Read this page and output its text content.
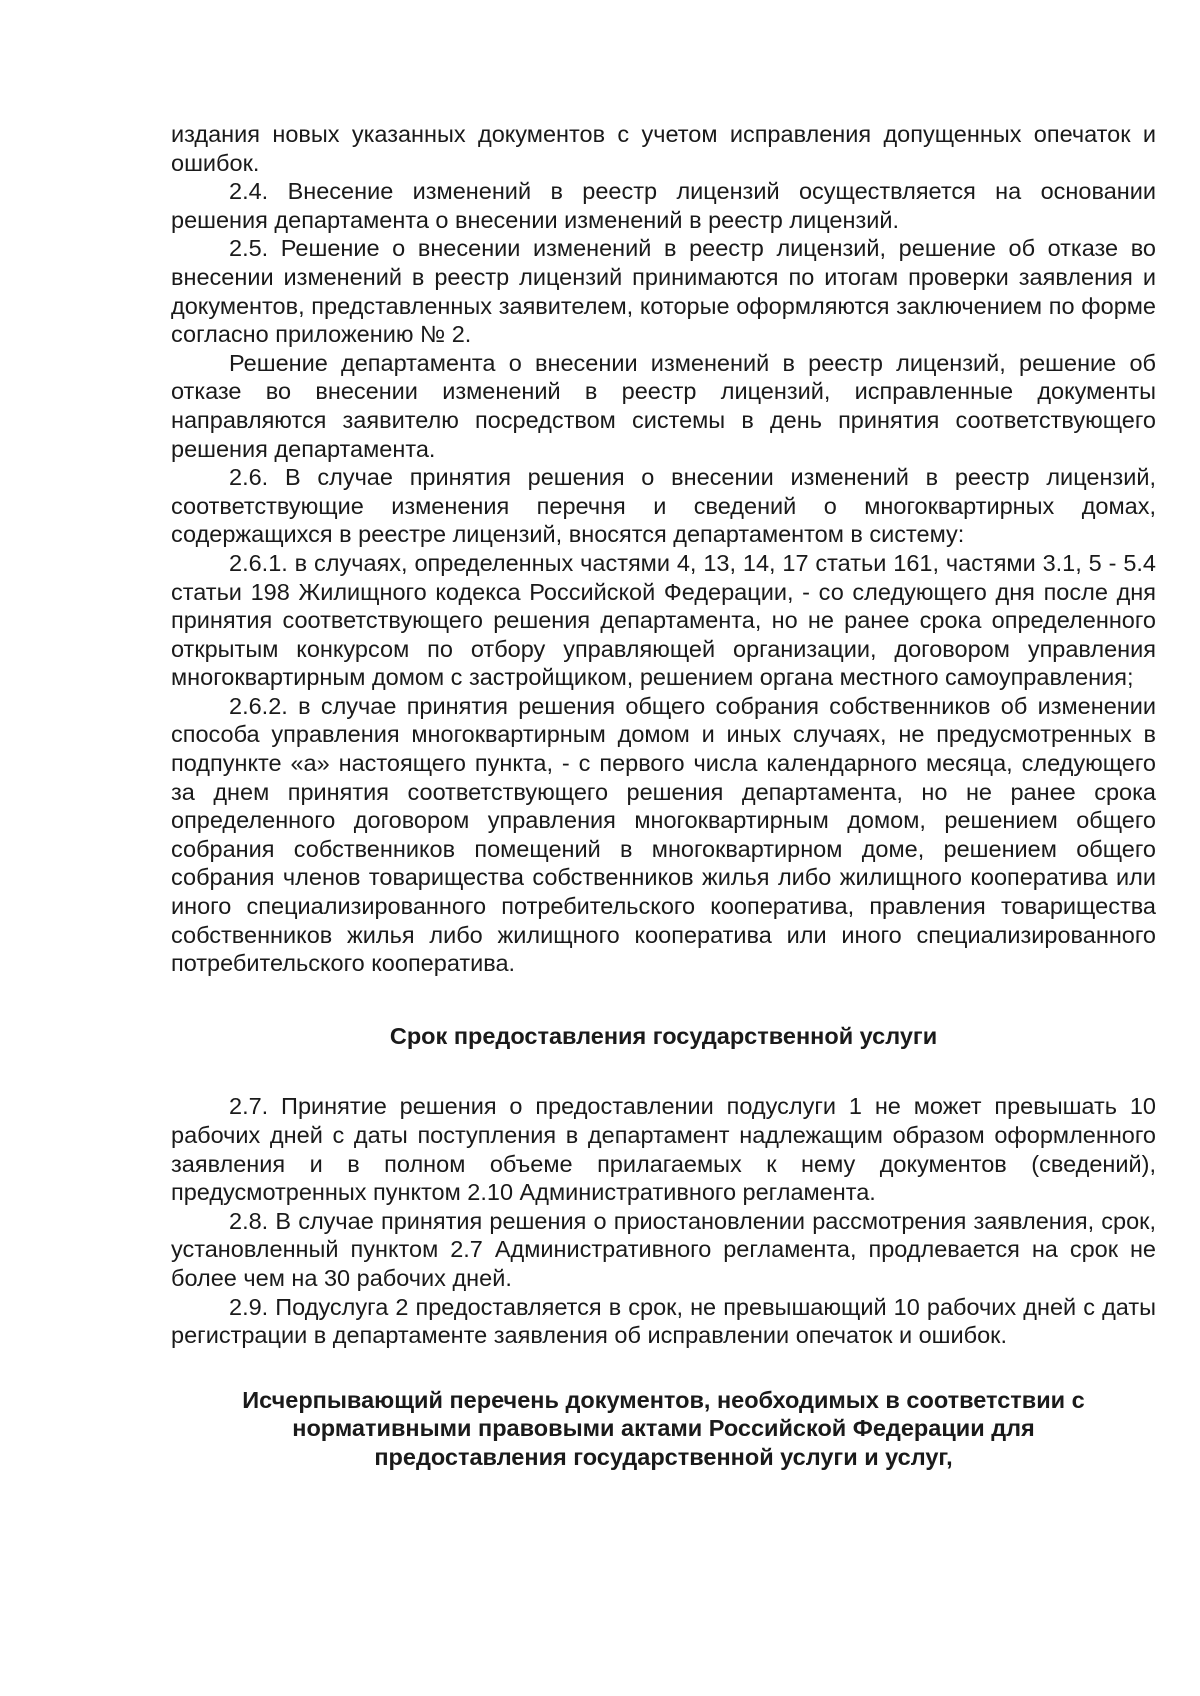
издания новых указанных документов с учетом исправления допущенных опечаток и ошибок.

2.4. Внесение изменений в реестр лицензий осуществляется на основании решения департамента о внесении изменений в реестр лицензий.

2.5. Решение о внесении изменений в реестр лицензий, решение об отказе во внесении изменений в реестр лицензий принимаются по итогам проверки заявления и документов, представленных заявителем, которые оформляются заключением по форме согласно приложению № 2.

Решение департамента о внесении изменений в реестр лицензий, решение об отказе во внесении изменений в реестр лицензий, исправленные документы направляются заявителю посредством системы в день принятия соответствующего решения департамента.

2.6. В случае принятия решения о внесении изменений в реестр лицензий, соответствующие изменения перечня и сведений о многоквартирных домах, содержащихся в реестре лицензий, вносятся департаментом в систему:

2.6.1. в случаях, определенных частями 4, 13, 14, 17 статьи 161, частями 3.1, 5 - 5.4 статьи 198 Жилищного кодекса Российской Федерации, - со следующего дня после дня принятия соответствующего решения департамента, но не ранее срока определенного открытым конкурсом по отбору управляющей организации, договором управления многоквартирным домом с застройщиком, решением органа местного самоуправления;

2.6.2. в случае принятия решения общего собрания собственников об изменении способа управления многоквартирным домом и иных случаях, не предусмотренных в подпункте «а» настоящего пункта, - с первого числа календарного месяца, следующего за днем принятия соответствующего решения департамента, но не ранее срока определенного договором управления многоквартирным домом, решением общего собрания собственников помещений в многоквартирном доме, решением общего собрания членов товарищества собственников жилья либо жилищного кооператива или иного специализированного потребительского кооператива, правления товарищества собственников жилья либо жилищного кооператива или иного специализированного потребительского кооператива.

Срок предоставления государственной услуги

2.7. Принятие решения о предоставлении подуслуги 1 не может превышать 10 рабочих дней с даты поступления в департамент надлежащим образом оформленного заявления и в полном объеме прилагаемых к нему документов (сведений), предусмотренных пунктом 2.10 Административного регламента.

2.8. В случае принятия решения о приостановлении рассмотрения заявления, срок, установленный пунктом 2.7 Административного регламента, продлевается на срок не более чем на 30 рабочих дней.

2.9. Подуслуга 2 предоставляется в срок, не превышающий 10 рабочих дней с даты регистрации в департаменте заявления об исправлении опечаток и ошибок.

Исчерпывающий перечень документов, необходимых в соответствии с нормативными правовыми актами Российской Федерации для предоставления государственной услуги и услуг,
